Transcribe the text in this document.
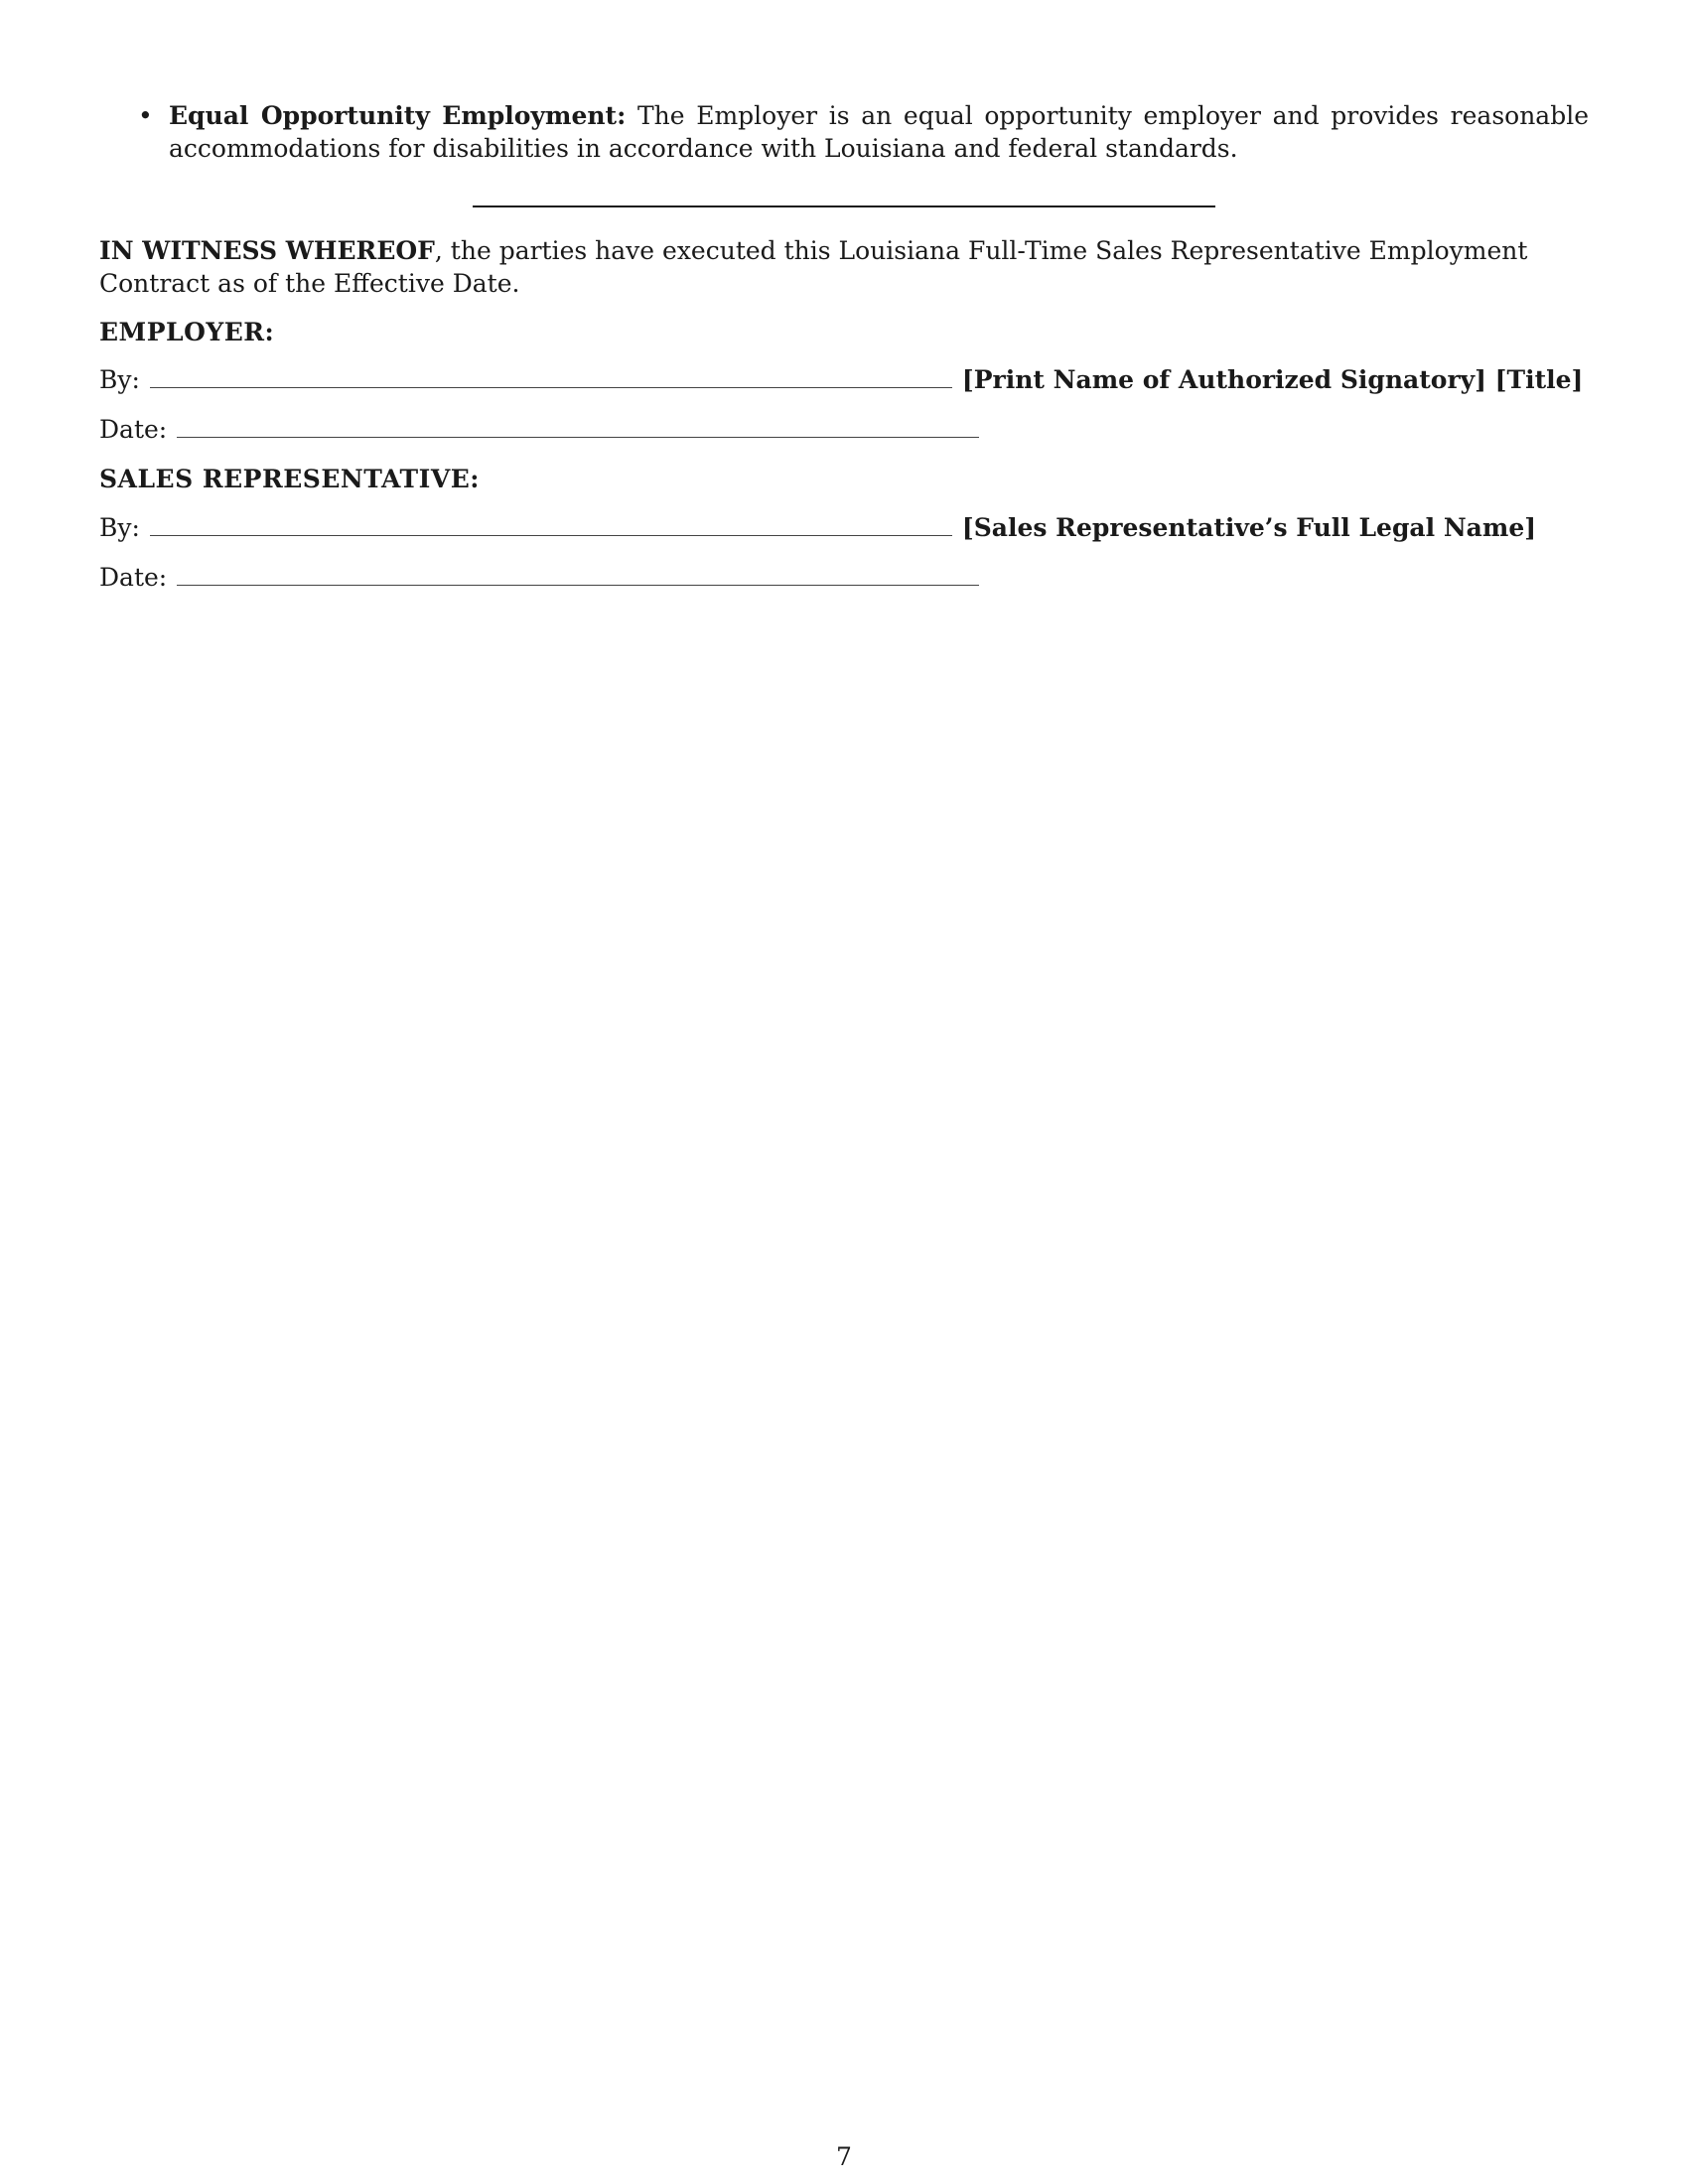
• Equal Opportunity Employment: The Employer is an equal opportunity employer and provides reasonable accommodations for disabilities in accordance with Louisiana and federal standards.

IN WITNESS WHEREOF, the parties have executed this Louisiana Full-Time Sales Representative Employment Contract as of the Effective Date.

EMPLOYER:
By:	[Print Name of Authorized Signatory] [Title]
Date:
SALES REPRESENTATIVE:
By:	[Sales Representative’s Full Legal Name]
Date:
7
